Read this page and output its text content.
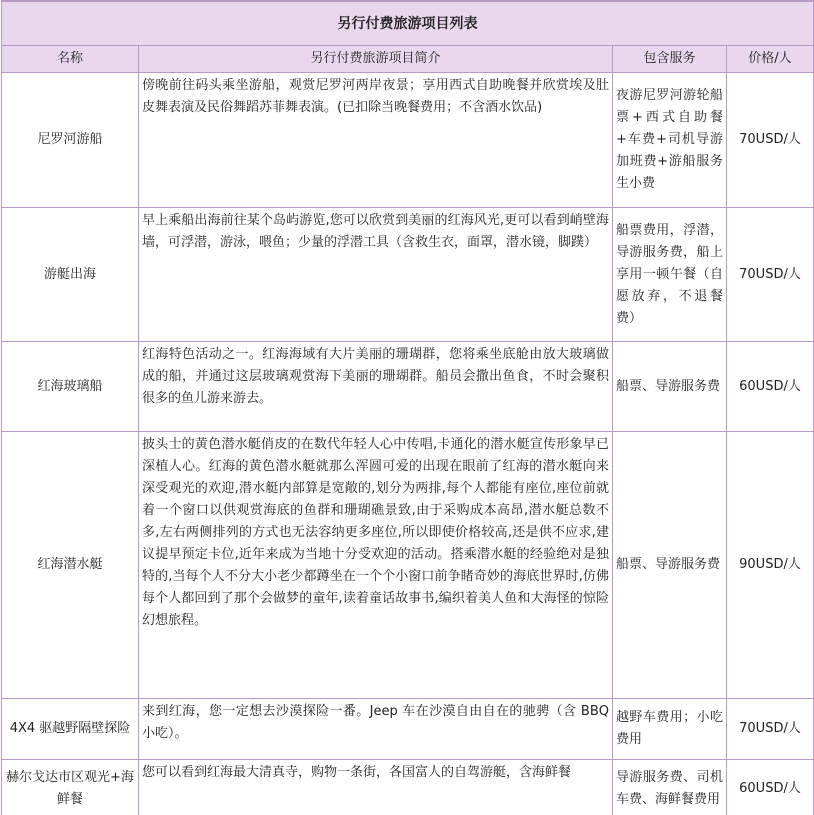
另行付费旅游项目列表			
名称	另行付费旅游项目简介	包含服务	价格/人
尼罗河游船	傍晚前往码头乘坐游船，观赏尼罗河两岸夜景；享用西式自助晚餐并欣赏埃及肚皮舞表演及民俗舞蹈苏菲舞表演。(已扣除当晚餐费用；不含酒水饮品)	夜游尼罗河游轮船票+西式自助餐+车费+司机导游加班费+游船服务生小费	70USD/人
游艇出海	早上乘船出海前往某个岛屿游览,您可以欣赏到美丽的红海风光,更可以看到峭壁海墙，可浮潜，游泳，喂鱼；少量的浮潜工具（含救生衣，面罩，潜水镜，脚蹼）	船票费用，浮潜，导游服务费，船上享用一顿午餐（自愿放弃，不退餐费）	70USD/人
红海玻璃船	红海特色活动之一。红海海域有大片美丽的珊瑚群，您将乘坐底舱由放大玻璃做成的船，并通过这层玻璃观赏海下美丽的珊瑚群。船员会撒出鱼食，不时会聚积很多的鱼儿游来游去。	船票、导游服务费	60USD/人
红海潜水艇	披头士的黄色潜水艇俏皮的在数代年轻人心中传唱,卡通化的潜水艇宣传形象早已深植人心。红海的黄色潜水艇就那么浑圆可爱的出现在眼前了红海的潜水艇向来深受观光的欢迎,潜水艇内部算是宽敞的,划分为两排,每个人都能有座位,座位前就着一个窗口以供观赏海底的鱼群和珊瑚礁景致,由于采购成本高昂,潜水艇总数不多,左右两侧排列的方式也无法容纳更多座位,所以即使价格较高,还是供不应求,建议提早预定卡位,近年来成为当地十分受欢迎的活动。搭乘潜水艇的经验绝对是独特的,当每个人不分大小老少都蹲坐在一个个小窗口前争睹奇妙的海底世界时,仿佛每个人都回到了那个会做梦的童年,读着童话故事书,编织着美人鱼和大海怪的惊险幻想旅程。	船票、导游服务费	90USD/人
4X4 驱越野隔壁探险	来到红海，您一定想去沙漠探险一番。Jeep 车在沙漠自由自在的驰骋（含 BBQ 小吃）。	越野车费用；小吃费用	70USD/人
赫尔戈达市区观光+海鲜餐	您可以看到红海最大清真寺，购物一条街，各国富人的自驾游艇，含海鲜餐	导游服务费、司机车费、海鲜餐费用	60USD/人
